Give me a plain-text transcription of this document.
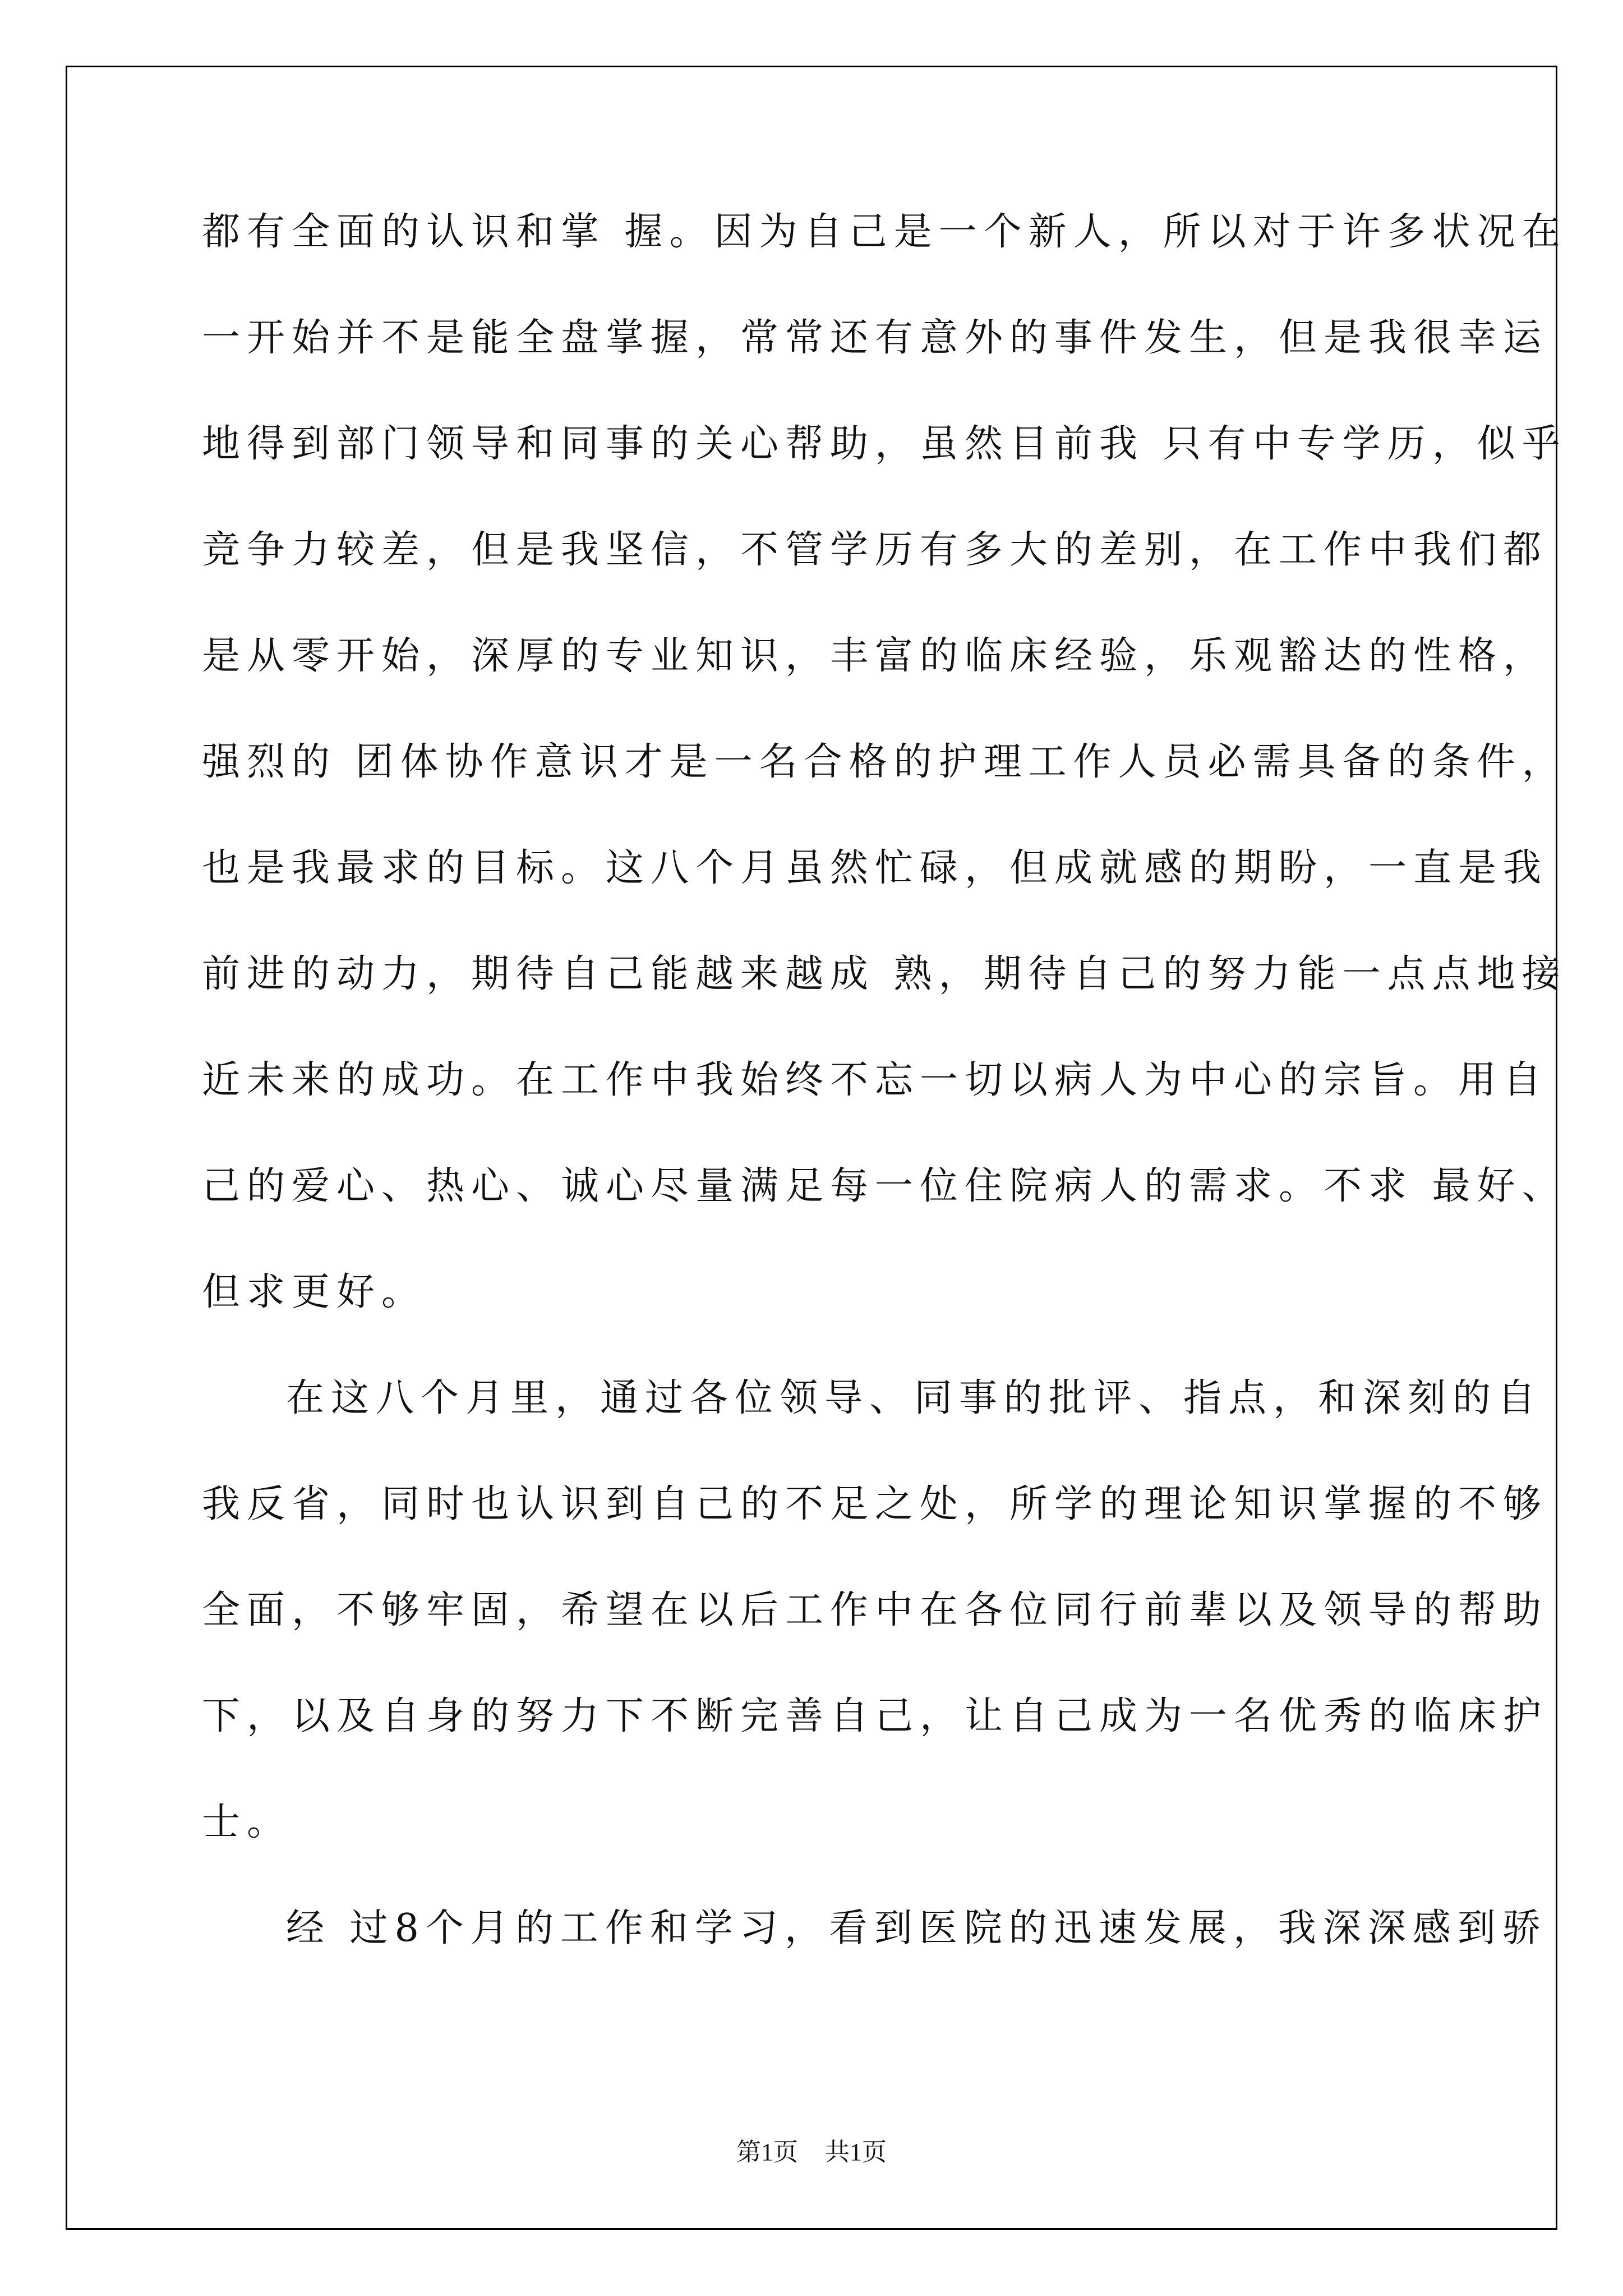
都有全面的认识和掌 握。因为自己是一个新人，所以对于许多状况在
一开始并不是能全盘掌握，常常还有意外的事件发生，但是我很幸运
地得到部门领导和同事的关心帮助，虽然目前我 只有中专学历，似乎
竞争力较差，但是我坚信，不管学历有多大的差别，在工作中我们都
是从零开始，深厚的专业知识，丰富的临床经验，乐观豁达的性格，
强烈的 团体协作意识才是一名合格的护理工作人员必需具备的条件，
也是我最求的目标。这八个月虽然忙碌，但成就感的期盼，一直是我
前进的动力，期待自己能越来越成 熟，期待自己的努力能一点点地接
近未来的成功。在工作中我始终不忘一切以病人为中心的宗旨。用自
己的爱心、热心、诚心尽量满足每一位住院病人的需求。不求 最好、
但求更好。
在这八个月里，通过各位领导、同事的批评、指点，和深刻的自
我反省，同时也认识到自己的不足之处，所学的理论知识掌握的不够
全面，不够牢固，希望在以后工作中在各位同行前辈以及领导的帮助
下，以及自身的努力下不断完善自己，让自己成为一名优秀的临床护
士。
经 过8个月的工作和学习，看到医院的迅速发展，我深深感到骄
第1页 共1页
